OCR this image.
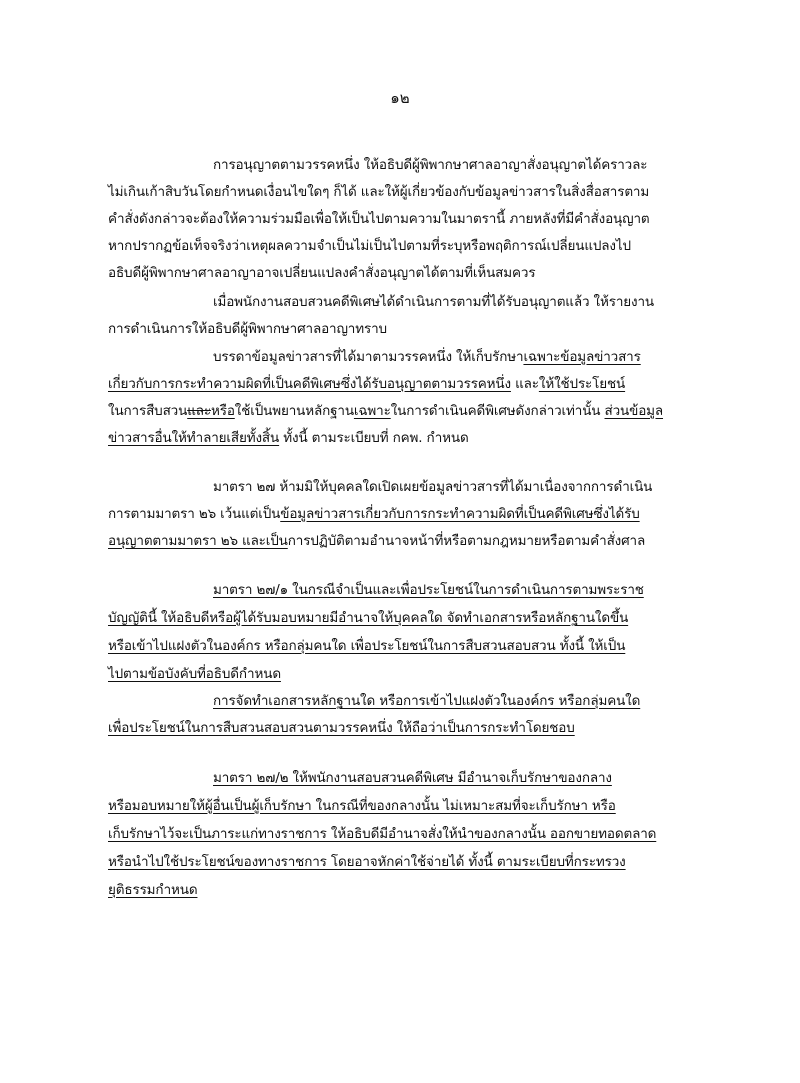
๑๒
การอนุญาตตามวรรคหนึ่ง ให้อธิบดีผู้พิพากษาศาลอาญาสั่งอนุญาตได้คราวละ
ไม่เกินเก้าสิบวันโดยกำหนดเงื่อนไขใดๆ ก็ได้ และให้ผู้เกี่ยวข้องกับข้อมูลข่าวสารในสิ่งสื่อสารตาม
คำสั่งดังกล่าวจะต้องให้ความร่วมมือเพื่อให้เป็นไปตามความในมาตรานี้ ภายหลังที่มีคำสั่งอนุญาต
หากปรากฏข้อเท็จจริงว่าเหตุผลความจำเป็นไม่เป็นไปตามที่ระบุหรือพฤติการณ์เปลี่ยนแปลงไป
อธิบดีผู้พิพากษาศาลอาญาอาจเปลี่ยนแปลงคำสั่งอนุญาตได้ตามที่เห็นสมควร
เมื่อพนักงานสอบสวนคดีพิเศษได้ดำเนินการตามที่ได้รับอนุญาตแล้ว ให้รายงาน
การดำเนินการให้อธิบดีผู้พิพากษาศาลอาญาทราบ
บรรดาข้อมูลข่าวสารที่ได้มาตามวรรคหนึ่ง ให้เก็บรักษาเฉพาะข้อมูลข่าวสาร
เกี่ยวกับการกระทำความผิดที่เป็นคดีพิเศษซึ่งได้รับอนุญาตตามวรรคหนึ่ง และให้ใช้ประโยชน์
ในการสืบสวนและหรือใช้เป็นพยานหลักฐานเฉพาะในการดำเนินคดีพิเศษดังกล่าวเท่านั้น ส่วนข้อมูล
ข่าวสารอื่นให้ทำลายเสียทั้งสิ้น ทั้งนี้ ตามระเบียบที่ กคพ. กำหนด
มาตรา ๒๗ ห้ามมิให้บุคคลใดเปิดเผยข้อมูลข่าวสารที่ได้มาเนื่องจากการดำเนิน
การตามมาตรา ๒๖ เว้นแต่เป็นข้อมูลข่าวสารเกี่ยวกับการกระทำความผิดที่เป็นคดีพิเศษซึ่งได้รับ
อนุญาตตามมาตรา ๒๖ และเป็นการปฏิบัติตามอำนาจหน้าที่หรือตามกฎหมายหรือตามคำสั่งศาล
มาตรา ๒๗/๑ ในกรณีจำเป็นและเพื่อประโยชน์ในการดำเนินการตามพระราช
บัญญัตินี้ ให้อธิบดีหรือผู้ได้รับมอบหมายมีอำนาจให้บุคคลใด จัดทำเอกสารหรือหลักฐานใดขึ้น
หรือเข้าไปแฝงตัวในองค์กร หรือกลุ่มคนใด เพื่อประโยชน์ในการสืบสวนสอบสวน ทั้งนี้ ให้เป็น
ไปตามข้อบังคับที่อธิบดีกำหนด
การจัดทำเอกสารหลักฐานใด หรือการเข้าไปแฝงตัวในองค์กร หรือกลุ่มคนใด
เพื่อประโยชน์ในการสืบสวนสอบสวนตามวรรคหนึ่ง ให้ถือว่าเป็นการกระทำโดยชอบ
มาตรา ๒๗/๒ ให้พนักงานสอบสวนคดีพิเศษ มีอำนาจเก็บรักษาของกลาง
หรือมอบหมายให้ผู้อื่นเป็นผู้เก็บรักษา ในกรณีที่ของกลางนั้น ไม่เหมาะสมที่จะเก็บรักษา หรือ
เก็บรักษาไว้จะเป็นภาระแก่ทางราชการ ให้อธิบดีมีอำนาจสั่งให้นำของกลางนั้น ออกขายทอดตลาด
หรือนำไปใช้ประโยชน์ของทางราชการ โดยอาจหักค่าใช้จ่ายได้ ทั้งนี้ ตามระเบียบที่กระทรวง
ยุติธรรมกำหนด
